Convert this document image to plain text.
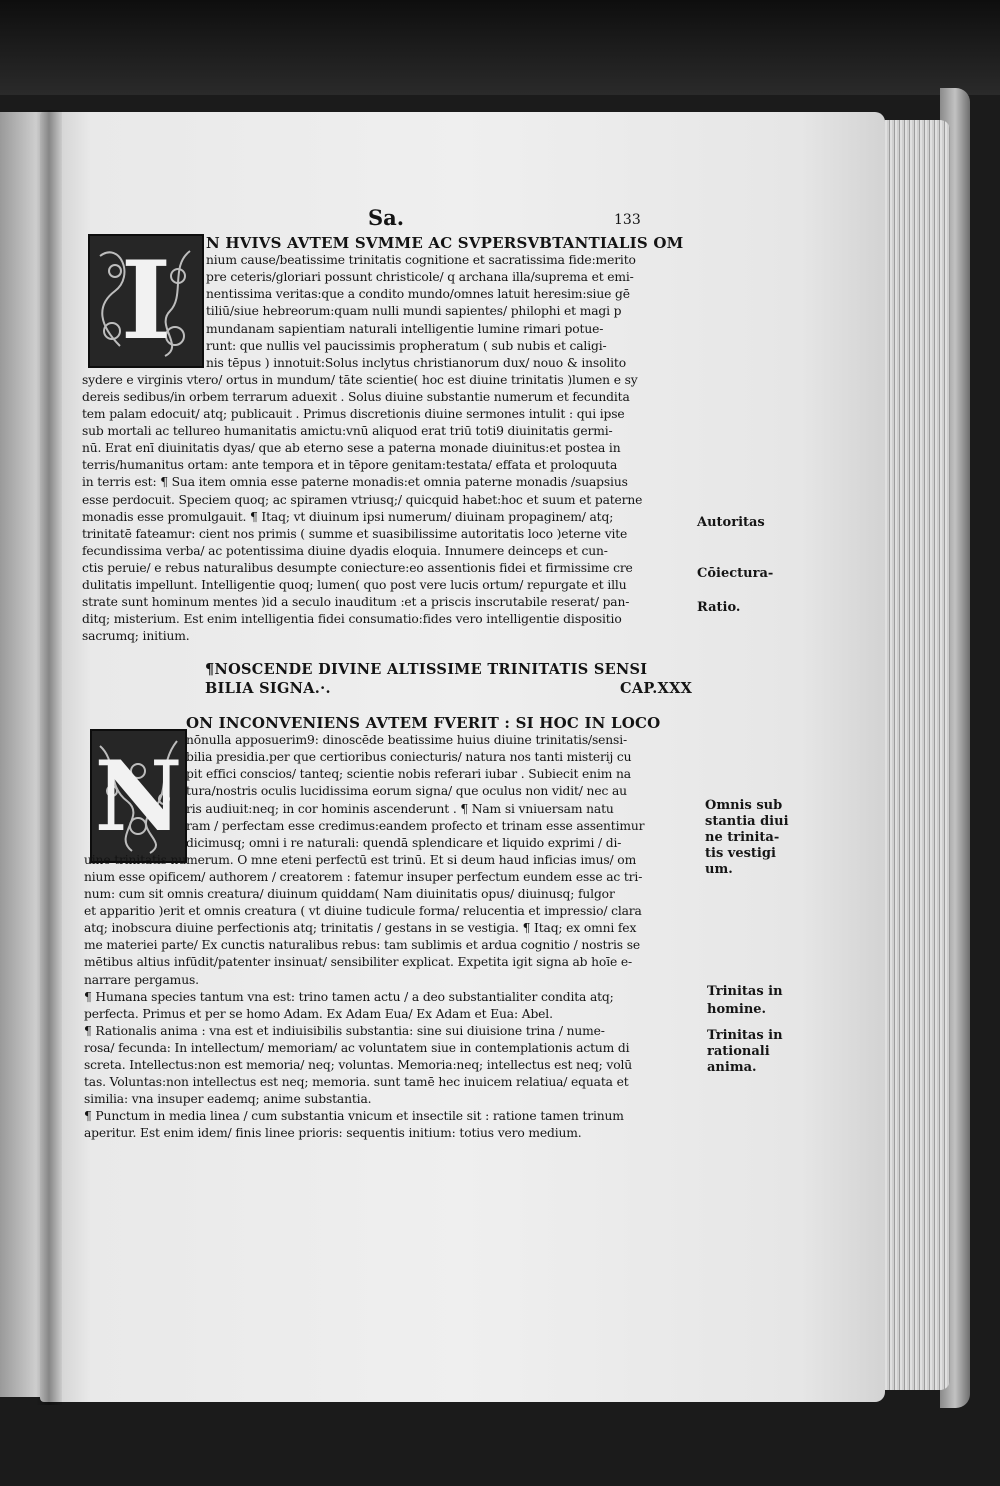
Sa.	133
I N HVIVS AVTEM SVMME AC SVPERSVBTANTIALIS OM
nium cause/beatissime trinitatis cognitione et sacratissima fide:merito
pre ceteris/gloriari possunt christicole/ q archana illa/suprema et emi-
nentissima veritas:que a condito mundo/omnes latuit heresim:siue gē
tiliū/siue hebreorum:quam nulli mundi sapientes/ philophi et magi p
mundanam sapientiam naturali intelligentie lumine rimari potue-
runt: que nullis vel paucissimis propheratum ( sub nubis et caligi-
nis tēpus ) innotuit:Solus inclytus christianorum dux/ nouo & insolito
sydere e virginis vtero/ ortus in mundum/ tāte scientie( hoc est diuine trinitatis )lumen e sy
dereis sedibus/in orbem terrarum aduexit . Solus diuine substantie numerum et fecundita
tem palam edocuit/ atq; publicauit . Primus discretionis diuine sermones intulit : qui ipse
sub mortali ac tellureo humanitatis amictu:vnū aliquod erat triū toti9 diuinitatis germi-
nū. Erat enī diuinitatis dyas/ que ab eterno sese a paterna monade diuinitus:et postea in
terris/humanitus ortam: ante tempora et in tēpore genitam:testata/ effata et proloquuta
in terris est: ¶ Sua item omnia esse paterne monadis:et omnia paterne monadis /suapsius
esse perdocuit. Speciem quoq; ac spiramen vtriusq;/ quicquid habet:hoc et suum et paterne
monadis esse promulgauit. ¶ Itaq; vt diuinum ipsi numerum/ diuinam propaginem/ atq;
trinitatē fateamur: cient nos primis ( summe et suasibilissime autoritatis loco )eterne vite
fecundissima verba/ ac potentissima diuine dyadis eloquia. Innumere deinceps et cun-
ctis peruie/ e rebus naturalibus desumpte coniecture:eo assentionis fidei et firmissime cre
dulitatis impellunt. Intelligentie quoq; lumen( quo post vere lucis ortum/ repurgate et illu
strate sunt hominum mentes )id a seculo inauditum :et a priscis inscrutabile reserat/ pan-
ditq; misterium. Est enim intelligentia fidei consumatio:fides vero intelligentie dispositio
sacrumq; initium.
¶NOSCENDE DIVINE ALTISSIME TRINITATIS SENSI
BILIA SIGNA.·.	CAP.XXX
N
ON INCONVENIENS AVTEM FVERIT : SI HOC IN LOCO
nōnulla apposuerim9: dinoscēde beatissime huius diuine trinitatis/sensi-
bilia presidia.per que certioribus coniecturis/ natura nos tanti misterij cu
pit effici conscios/ tanteq; scientie nobis referari iubar . Subiecit enim na
tura/nostris oculis lucidissima eorum signa/ que oculus non vidit/ nec au
ris audiuit:neq; in cor hominis ascenderunt . ¶ Nam si vniuersam natu
ram / perfectam esse credimus:eandem profecto et trinam esse assentimur
dicimusq; omni i re naturali: quendā splendicare et liquido exprimi / di-
uine trinitatis numerum. O mne eteni perfectū est trinū. Et si deum haud inficias imus/ om
nium esse opificem/ authorem / creatorem : fatemur insuper perfectum eundem esse ac tri-
num: cum sit omnis creatura/ diuinum quiddam( Nam diuinitatis opus/ diuinusq; fulgor
et apparitio )erit et omnis creatura ( vt diuine tudicule forma/ relucentia et impressio/ clara
atq; inobscura diuine perfectionis atq; trinitatis / gestans in se vestigia. ¶ Itaq; ex omni fex
me materiei parte/ Ex cunctis naturalibus rebus: tam sublimis et ardua cognitio / nostris se
mētibus altius infūdit/patenter insinuat/ sensibiliter explicat. Expetita igit signa ab hoīe e-
narrare pergamus.
¶ Humana species tantum vna est: trino tamen actu / a deo substantialiter condita atq;
perfecta. Primus et per se homo Adam. Ex Adam Eua/ Ex Adam et Eua: Abel.
¶ Rationalis anima : vna est et indiuisibilis substantia: sine sui diuisione trina / nume-
rosa/ fecunda: In intellectum/ memoriam/ ac voluntatem siue in contemplationis actum di
screta. Intellectus:non est memoria/ neq; voluntas. Memoria:neq; intellectus est neq; volū
tas. Voluntas:non intellectus est neq; memoria. sunt tamē hec inuicem relatiua/ equata et
similia: vna insuper eademq; anime substantia.
¶ Punctum in media linea / cum substantia vnicum et insectile sit : ratione tamen trinum
aperitur. Est enim idem/ finis linee prioris: sequentis initium: totius vero medium.
Autoritas
Cōiectura-
Ratio.
Omnis sub
stantia diui
ne trinita-
tis vestigi
um.
Trinitas in
homine.
Trinitas in
rationali
anima.
